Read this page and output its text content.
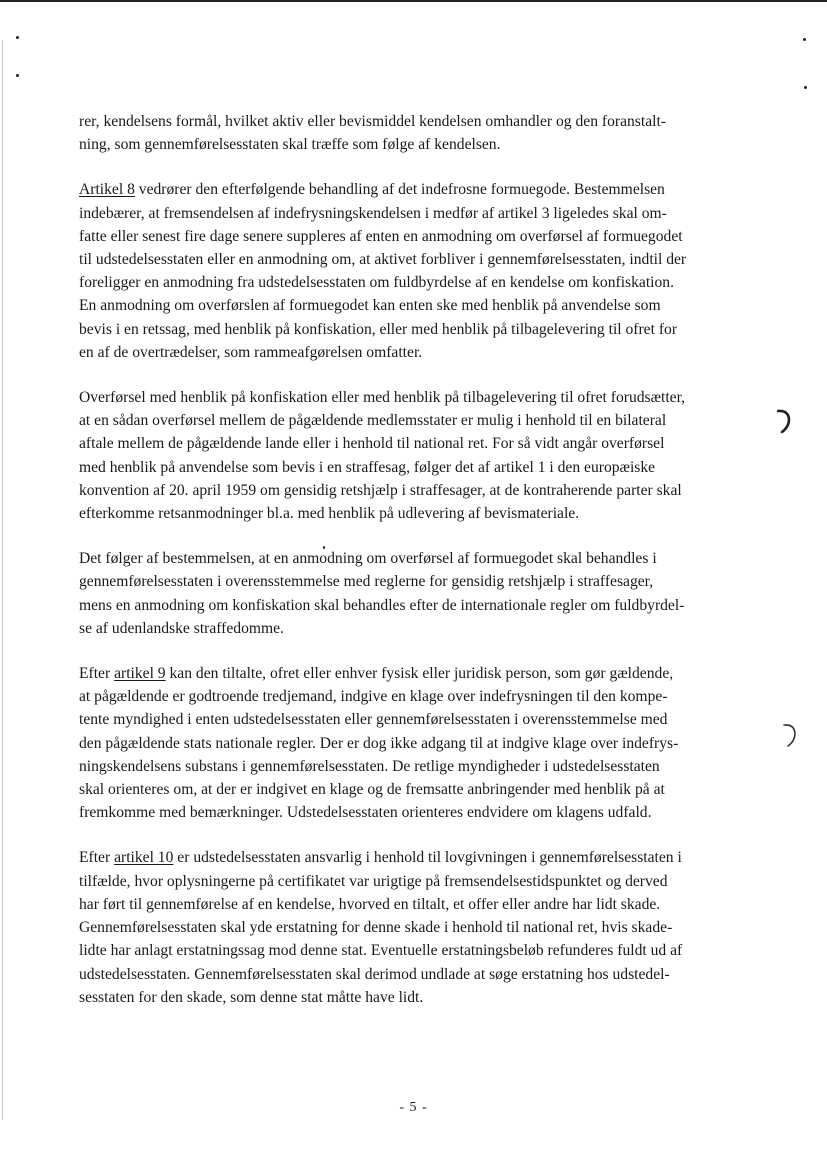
rer, kendelsens formål, hvilket aktiv eller bevismiddel kendelsen omhandler og den foranstalt-
ning, som gennemførelsesstaten skal træffe som følge af kendelsen.

Artikel 8 vedrører den efterfølgende behandling af det indefrosne formuegode. Bestemmelsen
indebærer, at fremsendelsen af indefrysningskendelsen i medfør af artikel 3 ligeledes skal om-
fatte eller senest fire dage senere suppleres af enten en anmodning om overførsel af formuegodet
til udstedelsesstaten eller en anmodning om, at aktivet forbliver i gennemførelsesstaten, indtil der
foreligger en anmodning fra udstedelsesstaten om fuldbyrdelse af en kendelse om konfiskation.
En anmodning om overførslen af formuegodet kan enten ske med henblik på anvendelse som
bevis i en retssag, med henblik på konfiskation, eller med henblik på tilbagelevering til ofret for
en af de overtrædelser, som rammeafgørelsen omfatter.

Overførsel med henblik på konfiskation eller med henblik på tilbagelevering til ofret forudsætter,
at en sådan overførsel mellem de pågældende medlemsstater er mulig i henhold til en bilateral
aftale mellem de pågældende lande eller i henhold til national ret. For så vidt angår overførsel
med henblik på anvendelse som bevis i en straffesag, følger det af artikel 1 i den europæiske
konvention af 20. april 1959 om gensidig retshjælp i straffesager, at de kontraherende parter skal
efterkomme retsanmodninger bl.a. med henblik på udlevering af bevismateriale.

Det følger af bestemmelsen, at en anmodning om overførsel af formuegodet skal behandles i
gennemførelsesstaten i overensstemmelse med reglerne for gensidig retshjælp i straffesager,
mens en anmodning om konfiskation skal behandles efter de internationale regler om fuldbyrdel-
se af udenlandske straffedomme.

Efter artikel 9 kan den tiltalte, ofret eller enhver fysisk eller juridisk person, som gør gældende,
at pågældende er godtroende tredjemand, indgive en klage over indefrysningen til den kompe-
tente myndighed i enten udstedelsesstaten eller gennemførelsesstaten i overensstemmelse med
den pågældende stats nationale regler. Der er dog ikke adgang til at indgive klage over indefrys-
ningskendelsens substans i gennemførelsesstaten. De retlige myndigheder i udstedelsesstaten
skal orienteres om, at der er indgivet en klage og de fremsatte anbringender med henblik på at
fremkomme med bemærkninger. Udstedelsesstaten orienteres endvidere om klagens udfald.

Efter artikel 10 er udstedelsesstaten ansvarlig i henhold til lovgivningen i gennemførelsesstaten i
tilfælde, hvor oplysningerne på certifikatet var urigtige på fremsendelsestidspunktet og derved
har ført til gennemførelse af en kendelse, hvorved en tiltalt, et offer eller andre har lidt skade.
Gennemførelsesstaten skal yde erstatning for denne skade i henhold til national ret, hvis skade-
lidte har anlagt erstatningssag mod denne stat. Eventuelle erstatningsbeløb refunderes fuldt ud af
udstedelsesstaten. Gennemførelsesstaten skal derimod undlade at søge erstatning hos udstedel-
sesstaten for den skade, som denne stat måtte have lidt.

- 5 -
